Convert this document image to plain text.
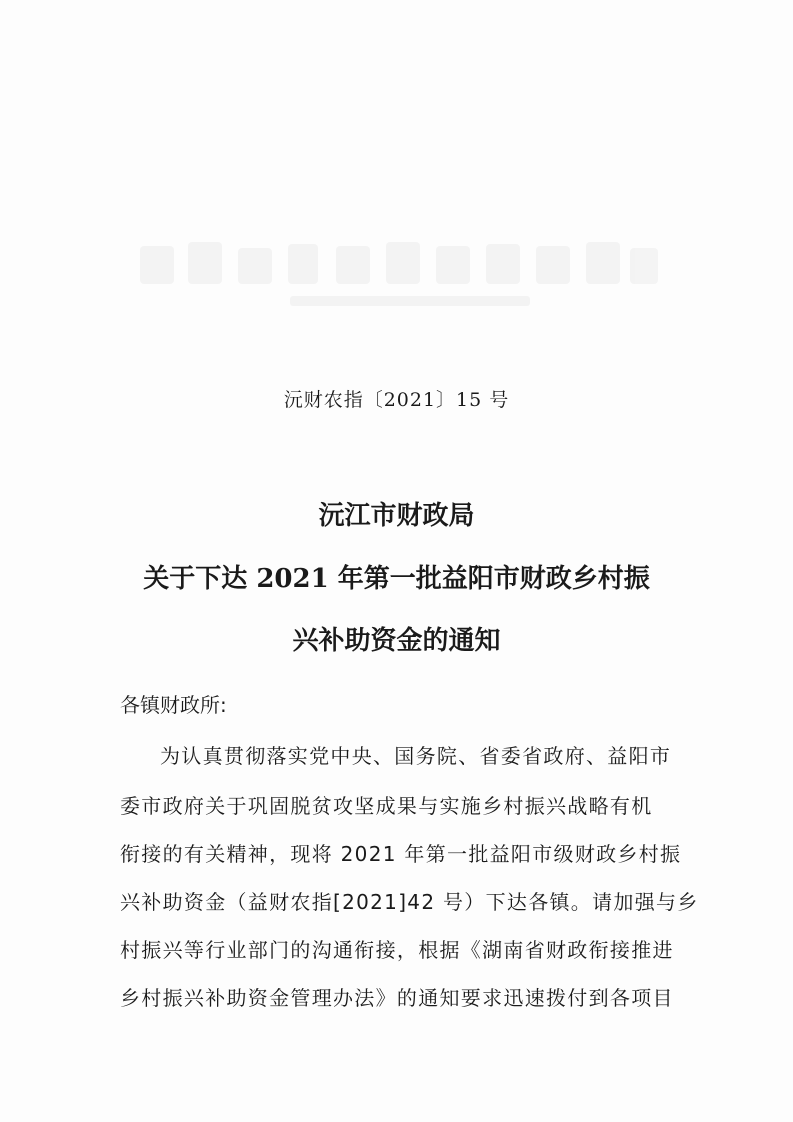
沅财农指〔2021〕15 号
沅江市财政局
关于下达 2021 年第一批益阳市财政乡村振
兴补助资金的通知
各镇财政所:
为认真贯彻落实党中央、国务院、省委省政府、益阳市
委市政府关于巩固脱贫攻坚成果与实施乡村振兴战略有机
衔接的有关精神，现将 2021 年第一批益阳市级财政乡村振
兴补助资金（益财农指[2021]42 号）下达各镇。请加强与乡
村振兴等行业部门的沟通衔接，根据《湖南省财政衔接推进
乡村振兴补助资金管理办法》的通知要求迅速拨付到各项目
